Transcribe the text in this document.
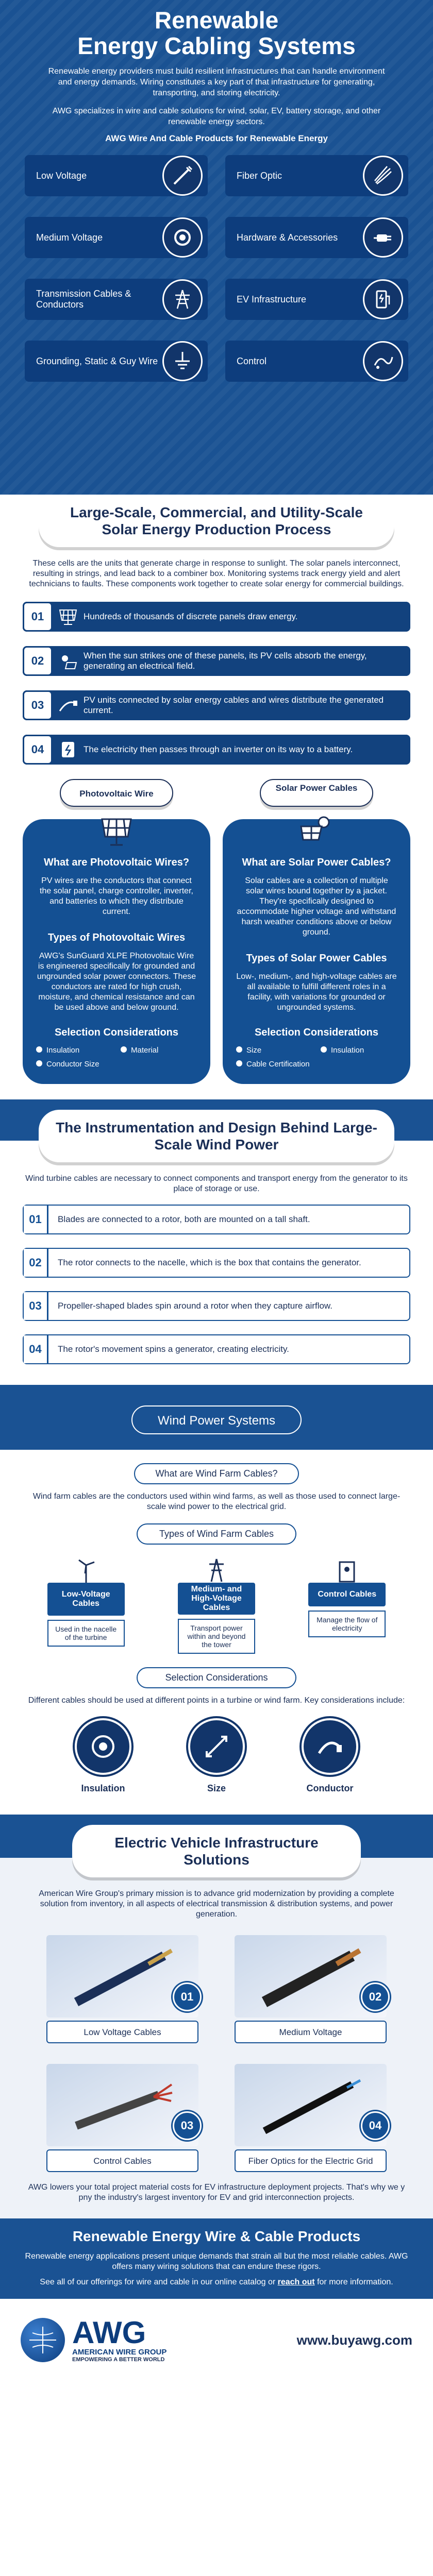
Renewable
Energy Cabling Systems

Renewable energy providers must build resilient infrastructures that can handle environment and energy demands. Wiring constitutes a key part of that infrastructure for generating, transporting, and storing electricity.

AWG specializes in wire and cable solutions for wind, solar, EV, battery storage, and other renewable energy sectors.

AWG Wire And Cable Products for Renewable Energy
Low Voltage	Fiber Optic
Medium Voltage	Hardware & Accessories
Transmission Cables & Conductors
EV Infrastructure
Grounding, Static & Guy Wire	Control
Large-Scale, Commercial, and Utility-Scale Solar Energy Production Process

These cells are the units that generate charge in response to sunlight. The solar panels interconnect, resulting in strings, and lead back to a combiner box. Monitoring systems track energy yield and alert technicians to faults. These components work together to create solar energy for commercial buildings.

01	Hundreds of thousands of discrete panels draw energy.
02	When the sun strikes one of these panels, its PV cells absorb the energy, generating an electrical field.
03	PV units connected by solar energy cables and wires distribute the generated current.
04	The electricity then passes through an inverter on its way to a battery.
Photovoltaic Wire
What are Photovoltaic Wires?

PV wires are the conductors that connect the solar panel, charge controller, inverter, and batteries to which they distribute current.

Types of Photovoltaic Wires

AWG's SunGuard XLPE Photovoltaic Wire is engineered specifically for grounded and ungrounded solar power connectors. These conductors are rated for high crush, moisture, and chemical resistance and can be used above and below ground.

Selection Considerations
Insulation	Material
Conductor Size
Solar Power Cables
What are Solar Power Cables?

Solar cables are a collection of multiple solar wires bound together by a jacket. They're specifically designed to accommodate higher voltage and withstand harsh weather conditions above or below ground.

Types of Solar Power Cables

Low-, medium-, and high-voltage cables are all available to fulfill different roles in a facility, with variations for grounded or ungrounded systems.

Selection Considerations
Size	Insulation
Cable Certification
The Instrumentation and Design Behind Large-Scale Wind Power

Wind turbine cables are necessary to connect components and transport energy from the generator to its place of storage or use.

01	Blades are connected to a rotor, both are mounted on a tall shaft.
02	The rotor connects to the nacelle, which is the box that contains the generator.
03	Propeller-shaped blades spin around a rotor when they capture airflow.
04	The rotor's movement spins a generator, creating electricity.
Wind Power Systems
What are Wind Farm Cables?

Wind farm cables are the conductors used within wind farms, as well as those used to connect large-scale wind power to the electrical grid.

Types of Wind Farm Cables
Low-Voltage Cables
Used in the nacelle of the turbine
Medium- and High-Voltage Cables
Transport power within and beyond the tower
Control Cables
Manage the flow of electricity
Selection Considerations

Different cables should be used at different points in a turbine or wind farm. Key considerations include:

Insulation	Size	Conductor
Electric Vehicle Infrastructure Solutions

American Wire Group's primary mission is to advance grid modernization by providing a complete solution from inventory, in all aspects of electrical transmission & distribution systems, and power generation.

01
Low Voltage Cables
02
Medium Voltage
03
Control Cables
04
Fiber Optics for the Electric Grid

AWG lowers your total project material costs for EV infrastructure deployment projects. That's why we y pny the industry's largest inventory for EV and grid interconnection projects.

Renewable Energy Wire & Cable Products

Renewable energy applications present unique demands that strain all but the most reliable cables. AWG offers many wiring solutions that can endure these rigors.

See all of our offerings for wire and cable in our online catalog or reach out for more information.

AWG
AMERICAN WIRE GROUP
EMPOWERING A BETTER WORLD
www.buyawg.com
